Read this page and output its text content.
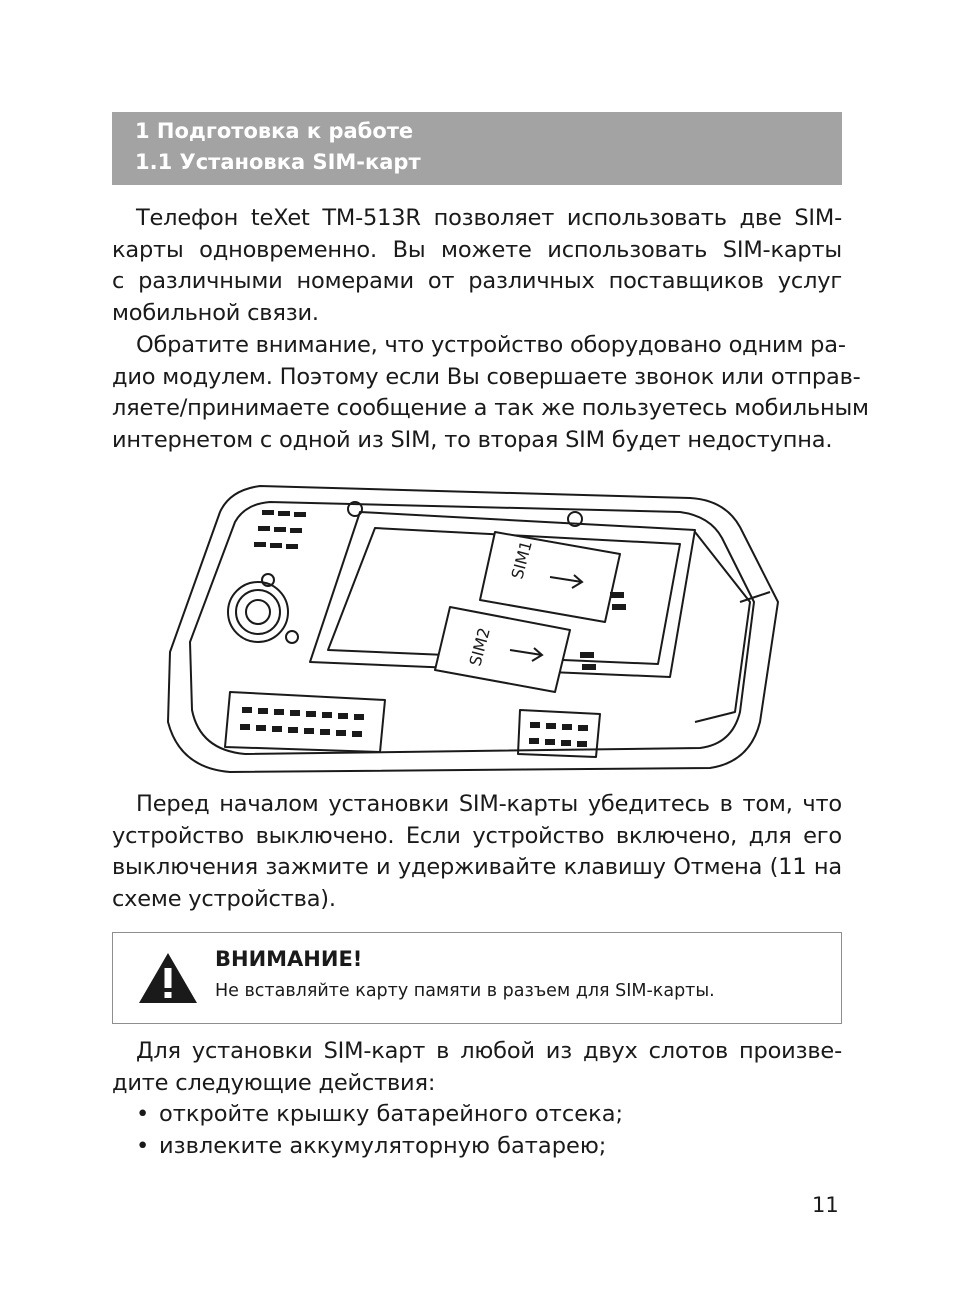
1 Подготовка к работе
1.1 Установка SIM-карт

Телефон teXet TM-513R позволяет использовать две SIM-
карты одновременно. Вы можете использовать SIM-карты
с различными номерами от различных поставщиков услуг
мобильной связи.

Обратите внимание, что устройство оборудовано одним ра-
дио модулем. Поэтому если Вы совершаете звонок или отправ-
ляете/принимаете сообщение а так же пользуетесь мобильным
интернетом с одной из SIM, то вторая SIM будет недоступна.

SIM1
SIM2

Перед началом установки SIM-карты убедитесь в том, что
устройство выключено. Если устройство включено, для его
выключения зажмите и удерживайте клавишу Отмена (11 на
схеме устройства).

ВНИМАНИЕ!
Не вставляйте карту памяти в разъем для SIM-карты.

Для установки SIM-карт в любой из двух слотов произве-
дите следующие действия:

• откройте крышку батарейного отсека;
• извлеките аккумуляторную батарею;
11
